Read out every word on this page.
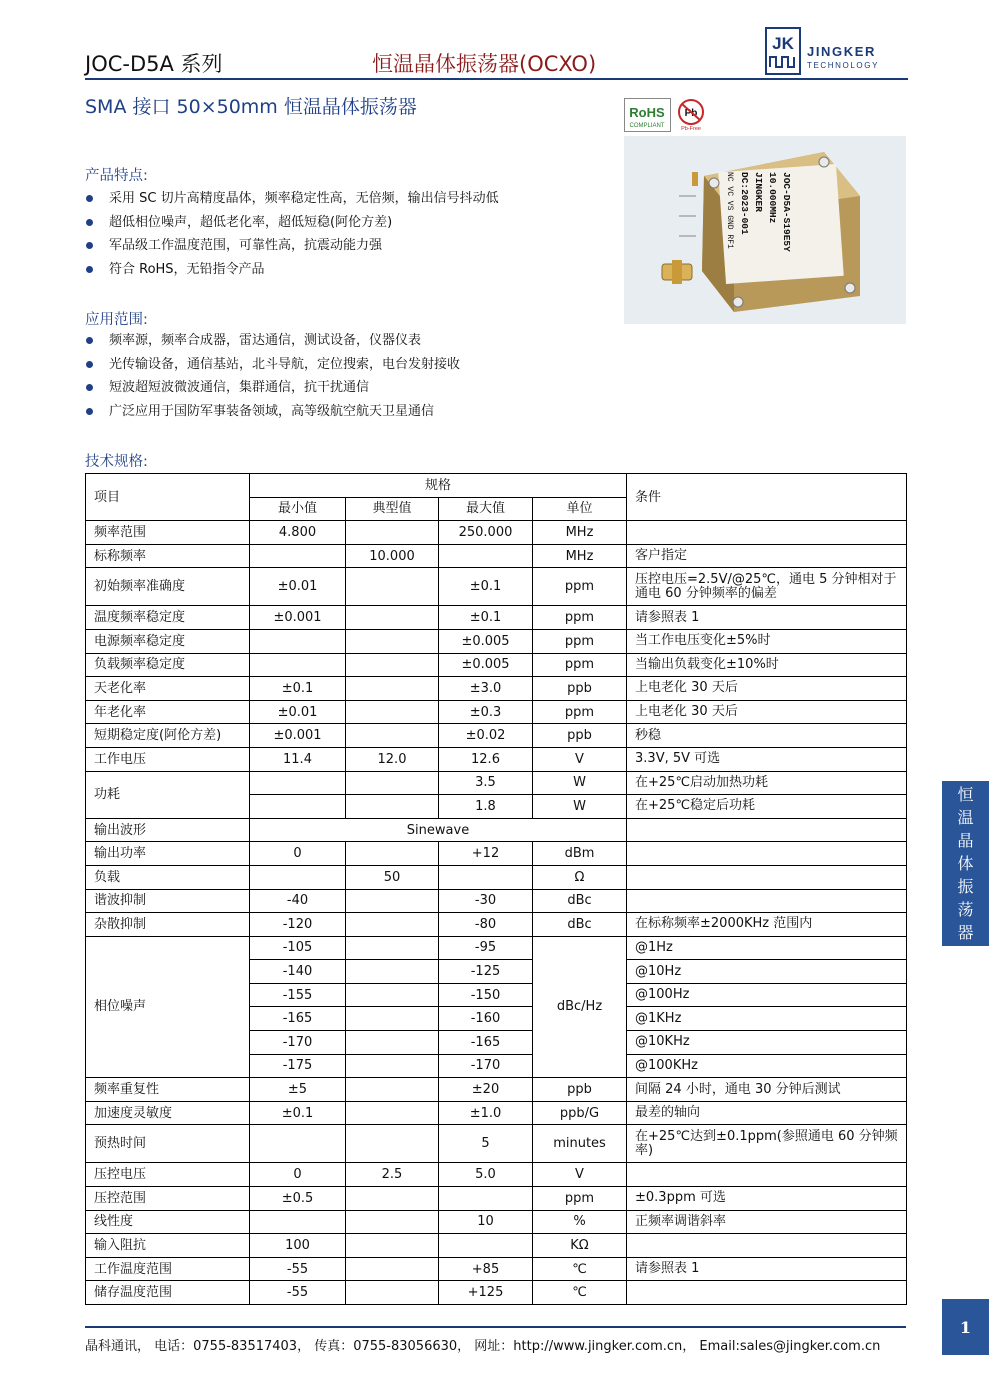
JOC-D5A 系列	恒温晶体振荡器(OCXO)
JK JINGKER
TECHNOLOGY
SMA 接口 50×50mm 恒温晶体振荡器	RoHS
COMPLIANT
Pb
Pb-Free
JOC-D5A-S19E5Y
10.000MHz
JINGKER
DC:2023-001
NC VC VS GND RF1
产品特点:
采用 SC 切片高精度晶体，频率稳定性高，无倍频，输出信号抖动低
超低相位噪声，超低老化率，超低短稳(阿伦方差)
军品级工作温度范围，可靠性高，抗震动能力强
符合 RoHS，无铅指令产品
应用范围:
频率源，频率合成器，雷达通信，测试设备，仪器仪表
光传输设备，通信基站，北斗导航，定位搜索，电台发射接收
短波超短波微波通信，集群通信，抗干扰通信
广泛应用于国防军事装备领域，高等级航空航天卫星通信
技术规格:
项目	规格				条件
	最小值	典型值	最大值	单位	
频率范围	4.800		250.000	MHz	
标称频率		10.000		MHz	客户指定
初始频率准确度	±0.01		±0.1	ppm	压控电压=2.5V/@25℃，通电 5 分钟相对于通电 60 分钟频率的偏差
温度频率稳定度	±0.001		±0.1	ppm	请参照表 1
电源频率稳定度			±0.005	ppm	当工作电压变化±5%时
负载频率稳定度			±0.005	ppm	当输出负载变化±10%时
天老化率	±0.1		±3.0	ppb	上电老化 30 天后
年老化率	±0.01		±0.3	ppm	上电老化 30 天后
短期稳定度(阿伦方差)	±0.001		±0.02	ppb	秒稳
工作电压	11.4	12.0	12.6	V	3.3V, 5V 可选
功耗			3.5	W	在+25℃启动加热功耗
			1.8	W	在+25℃稳定后功耗
输出波形	Sinewave				
输出功率	0		+12	dBm	
负载		50		Ω	
谐波抑制	-40		-30	dBc	
杂散抑制	-120		-80	dBc	在标称频率±2000KHz 范围内
相位噪声	-105		-95	dBc/Hz	@1Hz
	-140		-125		@10Hz
	-155		-150		@100Hz
	-165		-160		@1KHz
	-170		-165		@10KHz
	-175		-170		@100KHz
频率重复性	±5		±20	ppb	间隔 24 小时，通电 30 分钟后测试
加速度灵敏度	±0.1		±1.0	ppb/G	最差的轴向
预热时间			5	minutes	在+25℃达到±0.1ppm(参照通电 60 分钟频率)
压控电压	0	2.5	5.0	V	
压控范围	±0.5			ppm	±0.3ppm 可选
线性度			10	%	正频率调谐斜率
输入阻抗	100			KΩ	
工作温度范围	-55		+85	℃	请参照表 1
储存温度范围	-55		+125	℃	
恒
温
晶
体
振
荡
器
晶科通讯， 电话：0755-83517403， 传真：0755-83056630， 网址：http://www.jingker.com.cn， Email:sales@jingker.com.cn
1
